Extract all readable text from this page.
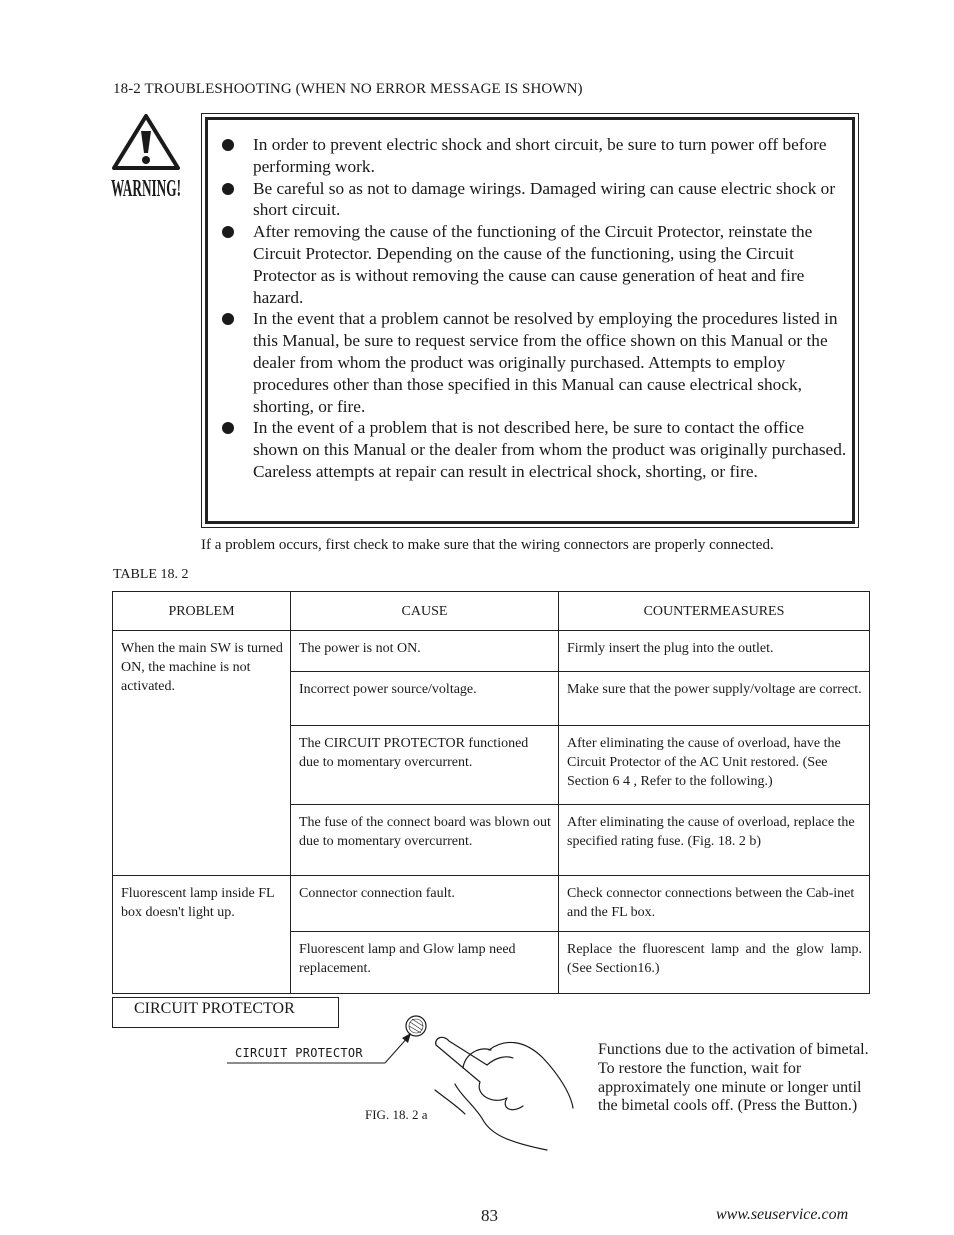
18-2 TROUBLESHOOTING (WHEN NO ERROR MESSAGE IS SHOWN)
WARNING!
In order to prevent electric shock and short circuit, be sure to turn power off before performing work.
Be careful so as not to damage wirings. Damaged wiring can cause electric shock or short circuit.
After removing the cause of the functioning of the Circuit Protector, reinstate the Circuit Protector. Depending on the cause of the functioning, using the Circuit Protector as is without removing the cause can cause generation of heat and fire hazard.
In the event that a problem cannot be resolved by employing the procedures listed in this Manual, be sure to request service from the office shown on this Manual or the dealer from whom the product was originally purchased. Attempts to employ procedures other than those specified in this Manual can cause electrical shock, shorting, or fire.
In the event of a problem that is not described here, be sure to contact the office shown on this Manual or the dealer from whom the product was originally purchased. Careless attempts at repair can result in electrical shock, shorting, or fire.
If a problem occurs, first check to make sure that the wiring connectors are properly connected.
TABLE 18. 2
PROBLEM	CAUSE	COUNTERMEASURES
When the main SW is turned ON, the machine is not activated.	The power is not ON.	Firmly insert the plug into the outlet.
	Incorrect power source/voltage.	Make sure that the power supply/voltage are correct.
	The CIRCUIT PROTECTOR functioned due to momentary overcurrent.	After eliminating the cause of overload, have the Circuit Protector of the AC Unit restored. (See Section 6 4 , Refer to the following.)
	The fuse of the connect board was blown out due to momentary overcurrent.	After eliminating the cause of overload, replace the specified rating fuse. (Fig. 18. 2 b)
Fluorescent lamp inside FL box doesn't light up.	Connector connection fault.	Check connector connections between the Cab-inet and the FL box.
	Fluorescent lamp and Glow lamp need replacement.	Replace the fluorescent lamp and the glow lamp. (See Section16.)
CIRCUIT PROTECTOR
CIRCUIT PROTECTOR
FIG. 18. 2 a
Functions due to the activation of bimetal. To restore the function, wait for approximately one minute or longer until the bimetal cools off. (Press the Button.)
83	www.seuservice.com
